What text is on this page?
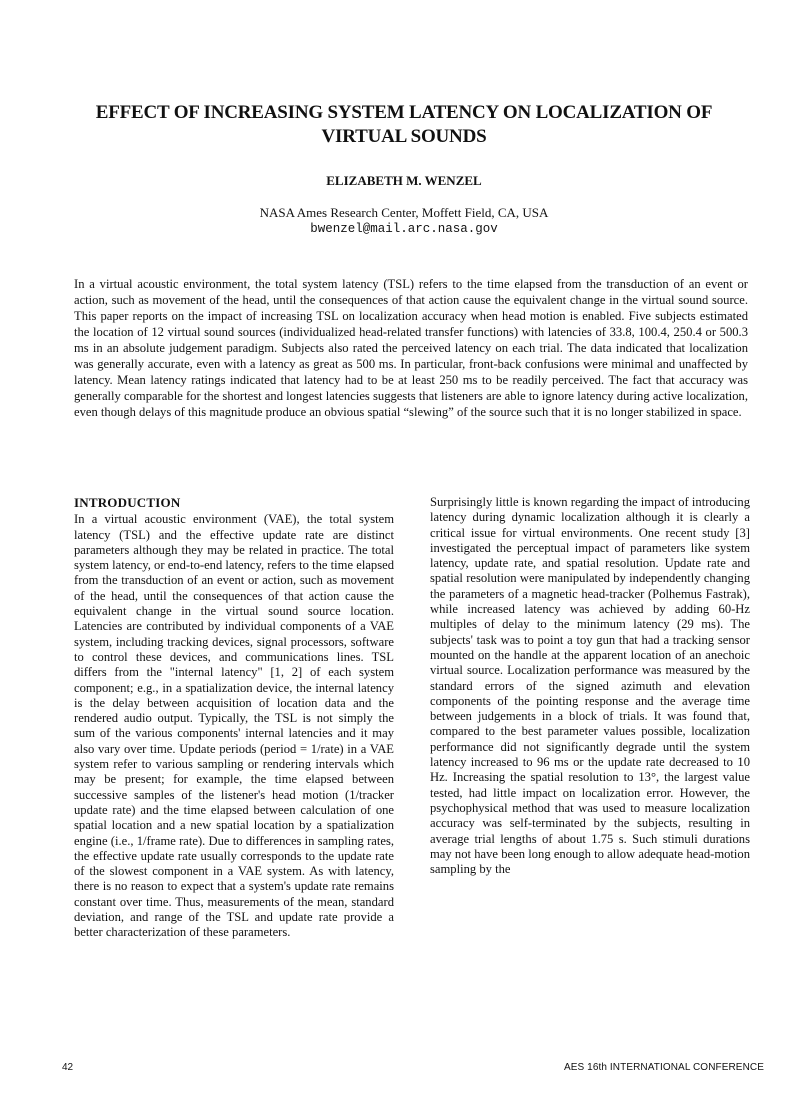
EFFECT OF INCREASING SYSTEM LATENCY ON LOCALIZATION OF VIRTUAL SOUNDS
ELIZABETH M. WENZEL
NASA Ames Research Center, Moffett Field, CA, USA
bwenzel@mail.arc.nasa.gov
In a virtual acoustic environment, the total system latency (TSL) refers to the time elapsed from the transduction of an event or action, such as movement of the head, until the consequences of that action cause the equivalent change in the virtual sound source. This paper reports on the impact of increasing TSL on localization accuracy when head motion is enabled. Five subjects estimated the location of 12 virtual sound sources (individualized head-related transfer functions) with latencies of 33.8, 100.4, 250.4 or 500.3 ms in an absolute judgement paradigm. Subjects also rated the perceived latency on each trial. The data indicated that localization was generally accurate, even with a latency as great as 500 ms. In particular, front-back confusions were minimal and unaffected by latency. Mean latency ratings indicated that latency had to be at least 250 ms to be readily perceived. The fact that accuracy was generally comparable for the shortest and longest latencies suggests that listeners are able to ignore latency during active localization, even though delays of this magnitude produce an obvious spatial “slewing” of the source such that it is no longer stabilized in space.
INTRODUCTION

In a virtual acoustic environment (VAE), the total system latency (TSL) and the effective update rate are distinct parameters although they may be related in practice. The total system latency, or end-to-end latency, refers to the time elapsed from the transduction of an event or action, such as movement of the head, until the consequences of that action cause the equivalent change in the virtual sound source location. Latencies are contributed by individual components of a VAE system, including tracking devices, signal processors, software to control these devices, and communications lines. TSL differs from the "internal latency" [1, 2] of each system component; e.g., in a spatialization device, the internal latency is the delay between acquisition of location data and the rendered audio output. Typically, the TSL is not simply the sum of the various components' internal latencies and it may also vary over time. Update periods (period = 1/rate) in a VAE system refer to various sampling or rendering intervals which may be present; for example, the time elapsed between successive samples of the listener's head motion (1/tracker update rate) and the time elapsed between calculation of one spatial location and a new spatial location by a spatialization engine (i.e., 1/frame rate). Due to differences in sampling rates, the effective update rate usually corresponds to the update rate of the slowest component in a VAE system. As with latency, there is no reason to expect that a system's update rate remains constant over time. Thus, measurements of the mean, standard deviation, and range of the TSL and update rate provide a better characterization of these parameters.

Surprisingly little is known regarding the impact of introducing latency during dynamic localization although it is clearly a critical issue for virtual environments. One recent study [3] investigated the perceptual impact of parameters like system latency, update rate, and spatial resolution. Update rate and spatial resolution were manipulated by independently changing the parameters of a magnetic head-tracker (Polhemus Fastrak), while increased latency was achieved by adding 60-Hz multiples of delay to the minimum latency (29 ms). The subjects' task was to point a toy gun that had a tracking sensor mounted on the handle at the apparent location of an anechoic virtual source. Localization performance was measured by the standard errors of the signed azimuth and elevation components of the pointing response and the average time between judgements in a block of trials. It was found that, compared to the best parameter values possible, localization performance did not significantly degrade until the system latency increased to 96 ms or the update rate decreased to 10 Hz. Increasing the spatial resolution to 13°, the largest value tested, had little impact on localization error. However, the psychophysical method that was used to measure localization accuracy was self-terminated by the subjects, resulting in average trial lengths of about 1.75 s. Such stimuli durations may not have been long enough to allow adequate head-motion sampling by the

42	AES 16th INTERNATIONAL CONFERENCE
